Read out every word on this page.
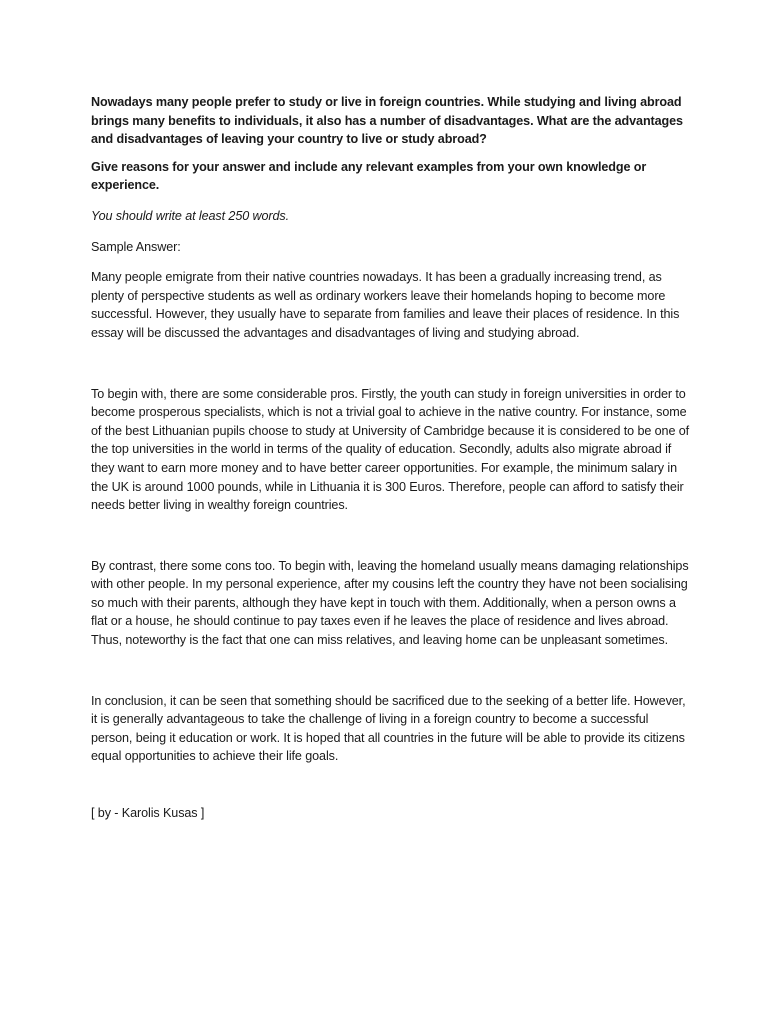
Nowadays many people prefer to study or live in foreign countries. While studying and living abroad brings many benefits to individuals, it also has a number of disadvantages. What are the advantages and disadvantages of leaving your country to live or study abroad?

Give reasons for your answer and include any relevant examples from your own knowledge or experience.

You should write at least 250 words.

Sample Answer:

Many people emigrate from their native countries nowadays. It has been a gradually increasing trend, as plenty of perspective students as well as ordinary workers leave their homelands hoping to become more successful. However, they usually have to separate from families and leave their places of residence. In this essay will be discussed the advantages and disadvantages of living and studying abroad.

To begin with, there are some considerable pros. Firstly, the youth can study in foreign universities in order to become prosperous specialists, which is not a trivial goal to achieve in the native country. For instance, some of the best Lithuanian pupils choose to study at University of Cambridge because it is considered to be one of the top universities in the world in terms of the quality of education. Secondly, adults also migrate abroad if they want to earn more money and to have better career opportunities. For example, the minimum salary in the UK is around 1000 pounds, while in Lithuania it is 300 Euros. Therefore, people can afford to satisfy their needs better living in wealthy foreign countries.

By contrast, there some cons too. To begin with, leaving the homeland usually means damaging relationships with other people. In my personal experience, after my cousins left the country they have not been socialising so much with their parents, although they have kept in touch with them. Additionally, when a person owns a flat or a house, he should continue to pay taxes even if he leaves the place of residence and lives abroad. Thus, noteworthy is the fact that one can miss relatives, and leaving home can be unpleasant sometimes.

In conclusion, it can be seen that something should be sacrificed due to the seeking of a better life. However, it is generally advantageous to take the challenge of living in a foreign country to become a successful person, being it education or work. It is hoped that all countries in the future will be able to provide its citizens equal opportunities to achieve their life goals.

[ by - Karolis Kusas ]
